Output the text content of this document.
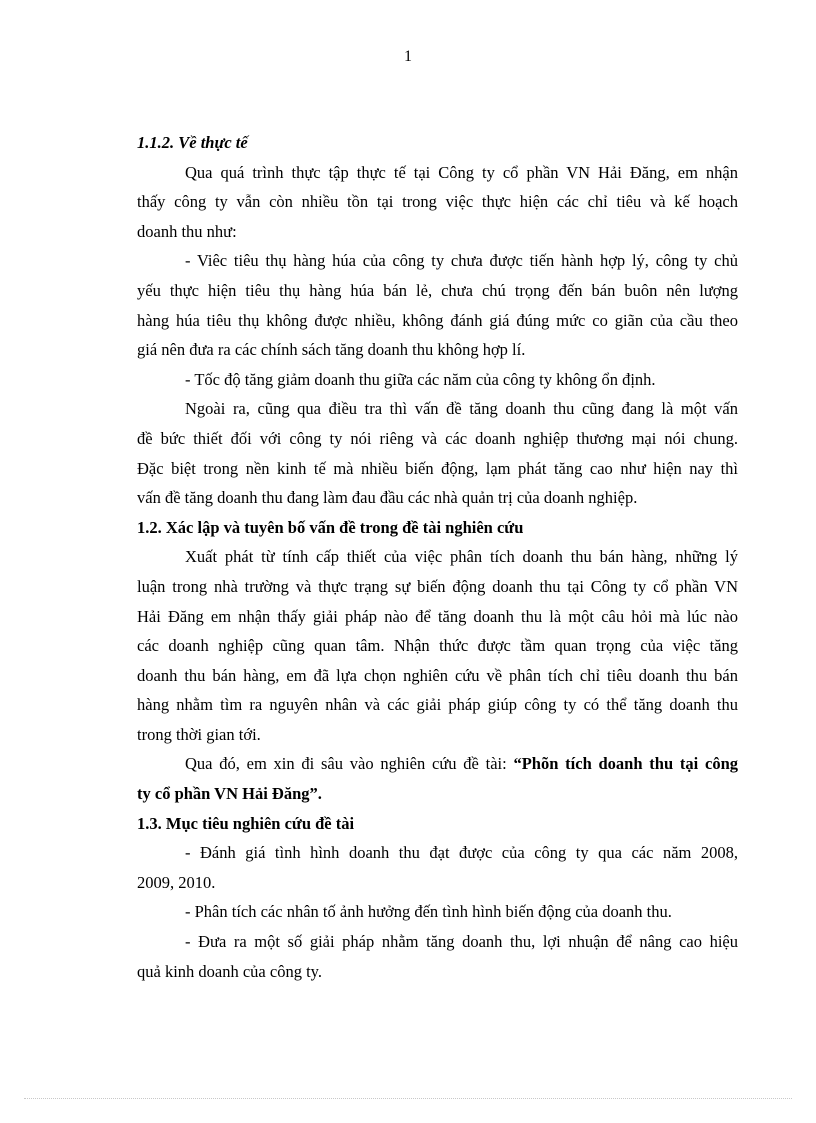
1
1.1.2. Về thực tế
Qua quá trình thực tập thực tế tại Công ty cổ phần VN Hải Đăng, em nhận
thấy công ty vẫn còn nhiều tồn tại trong việc thực hiện các chỉ tiêu và kế hoạch
doanh thu như:
- Viêc tiêu thụ hàng húa của công ty chưa được tiến hành hợp lý, công ty chủ
yếu thực hiện tiêu thụ hàng húa bán lẻ, chưa chú trọng đến bán buôn nên lượng
hàng húa tiêu thụ không được nhiều, không đánh giá đúng mức co giãn của cầu theo
giá nên đưa ra các chính sách tăng doanh thu không hợp lí.
- Tốc độ tăng giảm doanh thu giữa các năm của công ty không ổn định.
Ngoài ra, cũng qua điều tra thì vấn đề tăng doanh thu cũng đang là một vấn
đề bức thiết đối với công ty nói riêng và các doanh nghiệp thương mại nói chung.
Đặc biệt trong nền kinh tế mà nhiều biến động, lạm phát tăng cao như hiện nay thì
vấn đề tăng doanh thu đang làm đau đầu các nhà quản trị của doanh nghiệp.
1.2. Xác lập và tuyên bố vấn đề trong đề tài nghiên cứu
Xuất phát từ tính cấp thiết của việc phân tích doanh thu bán hàng, những lý
luận trong nhà trường và thực trạng sự biến động doanh thu tại Công ty cổ phần VN
Hải Đăng em nhận thấy giải pháp nào để tăng doanh thu là một câu hỏi mà lúc nào
các doanh nghiệp cũng quan tâm. Nhận thức được tầm quan trọng của việc tăng
doanh thu bán hàng, em đã lựa chọn nghiên cứu về phân tích chỉ tiêu doanh thu bán
hàng nhằm tìm ra nguyên nhân và các giải pháp giúp công ty có thể tăng doanh thu
trong thời gian tới.
Qua đó, em xin đi sâu vào nghiên cứu đề tài: “Phõn tích doanh thu tại công
ty cổ phần VN Hải Đăng”.
1.3. Mục tiêu nghiên cứu đề tài
- Đánh giá tình hình doanh thu đạt được của công ty qua các năm 2008,
2009, 2010.
- Phân tích các nhân tố ảnh hưởng đến tình hình biến động của doanh thu.
- Đưa ra một số giải pháp nhằm tăng doanh thu, lợi nhuận để nâng cao hiệu
quả kinh doanh của công ty.
